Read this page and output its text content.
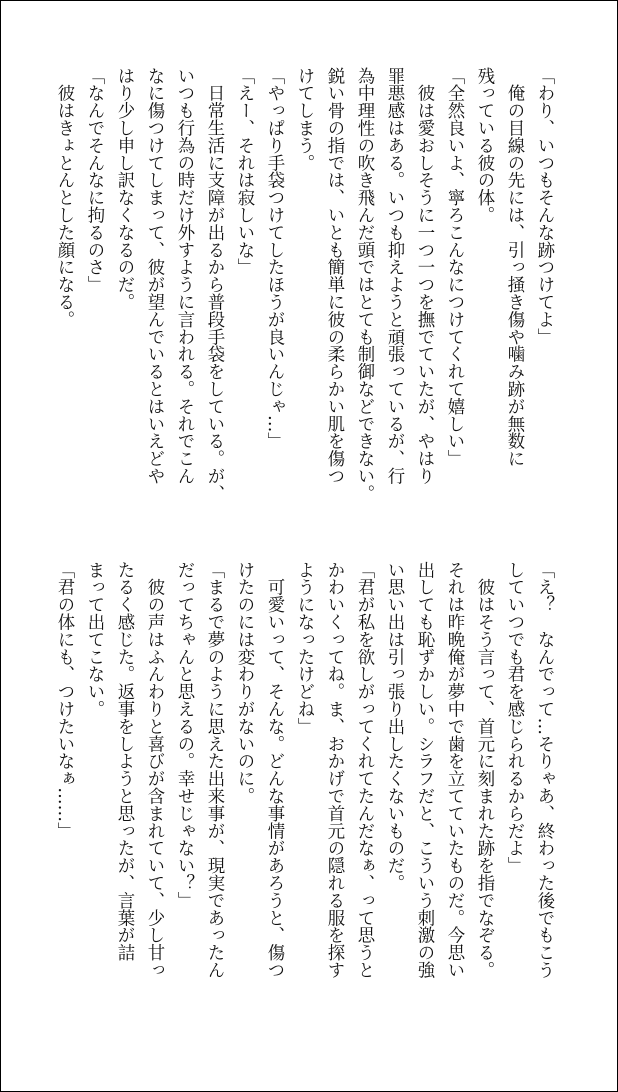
「わり、いつもそんな跡つけてよ」
　俺の目線の先には、引っ掻き傷や噛み跡が無数に
残っている彼の体。
「全然良いよ、寧ろこんなにつけてくれて嬉しい」
　彼は愛おしそうに一つ一つを撫でていたが、やはり
罪悪感はある。いつも抑えようと頑張っているが、行
為中理性の吹き飛んだ頭ではとても制御などできない。
鋭い骨の指では、いとも簡単に彼の柔らかい肌を傷つ
けてしまう。
「やっぱり手袋つけてしたほうが良いんじゃ…」
「えー、それは寂しいな」
　日常生活に支障が出るから普段手袋をしている。が、
いつも行為の時だけ外すように言われる。それでこん
なに傷つけてしまって、彼が望んでいるとはいえどや
はり少し申し訳なくなるのだ。
「なんでそんなに拘るのさ」
　彼はきょとんとした顔になる。
「え？　なんでって…そりゃあ、終わった後でもこう
していつでも君を感じられるからだよ」
　彼はそう言って、首元に刻まれた跡を指でなぞる。
それは昨晩俺が夢中で歯を立てていたものだ。今思い
出しても恥ずかしい。シラフだと、こういう刺激の強
い思い出は引っ張り出したくないものだ。
「君が私を欲しがってくれてたんだなぁ、って思うと
かわいくってね。ま、おかげで首元の隠れる服を探す
ようになったけどね」
　可愛いって、そんな。どんな事情があろうと、傷つ
けたのには変わりがないのに。
「まるで夢のように思えた出来事が、現実であったん
だってちゃんと思えるの。幸せじゃない？」
　彼の声はふんわりと喜びが含まれていて、少し甘っ
たるく感じた。返事をしようと思ったが、言葉が詰
まって出てこない。
「君の体にも、つけたいなぁ……」
